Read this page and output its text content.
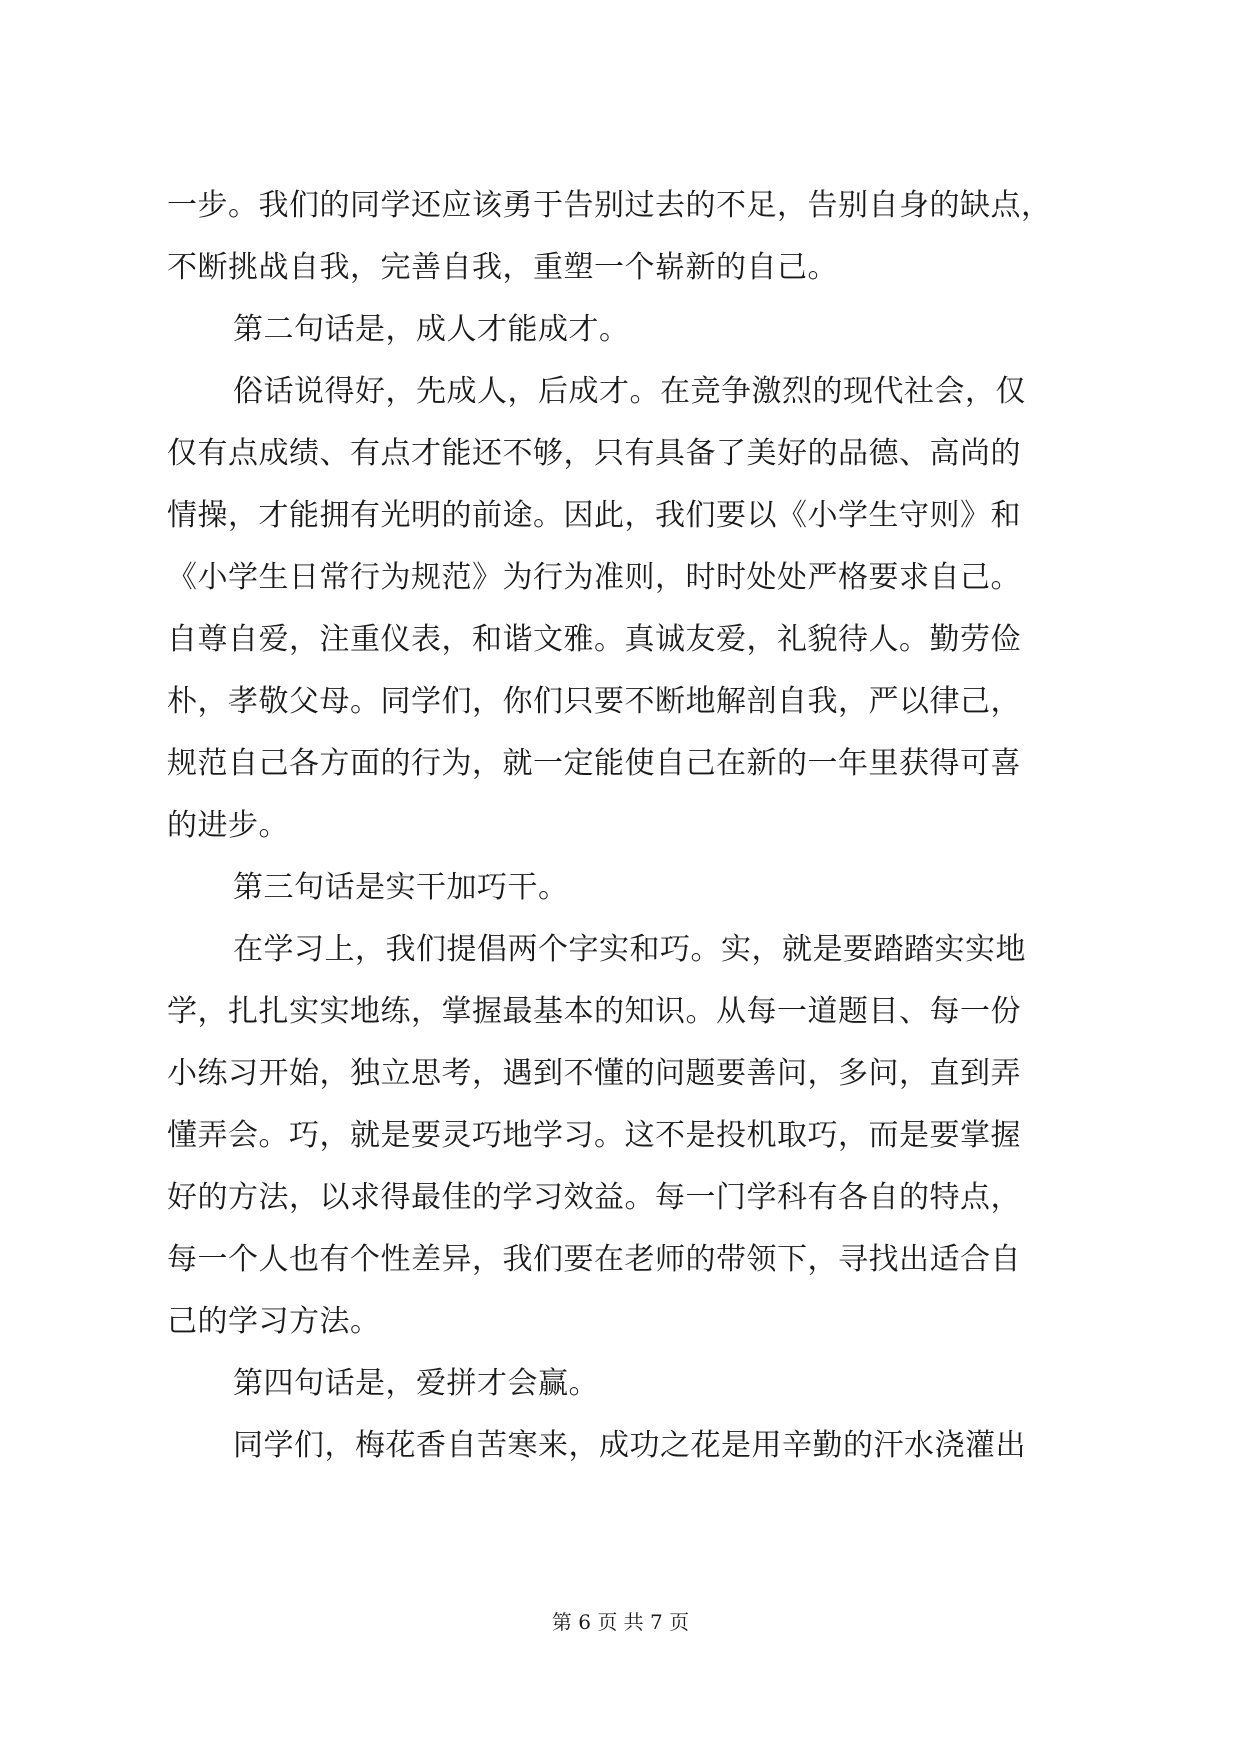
一步。我们的同学还应该勇于告别过去的不足，告别自身的缺点，
不断挑战自我，完善自我，重塑一个崭新的自己。
第二句话是，成人才能成才。
俗话说得好，先成人，后成才。在竞争激烈的现代社会，仅
仅有点成绩、有点才能还不够，只有具备了美好的品德、高尚的
情操，才能拥有光明的前途。因此，我们要以《小学生守则》和
《小学生日常行为规范》为行为准则，时时处处严格要求自己。
自尊自爱，注重仪表，和谐文雅。真诚友爱，礼貌待人。勤劳俭
朴，孝敬父母。同学们，你们只要不断地解剖自我，严以律己，
规范自己各方面的行为，就一定能使自己在新的一年里获得可喜
的进步。
第三句话是实干加巧干。
在学习上，我们提倡两个字实和巧。实，就是要踏踏实实地
学，扎扎实实地练，掌握最基本的知识。从每一道题目、每一份
小练习开始，独立思考，遇到不懂的问题要善问，多问，直到弄
懂弄会。巧，就是要灵巧地学习。这不是投机取巧，而是要掌握
好的方法，以求得最佳的学习效益。每一门学科有各自的特点，
每一个人也有个性差异，我们要在老师的带领下，寻找出适合自
己的学习方法。
第四句话是，爱拼才会赢。
同学们，梅花香自苦寒来，成功之花是用辛勤的汗水浇灌出
第 6 页 共 7 页
